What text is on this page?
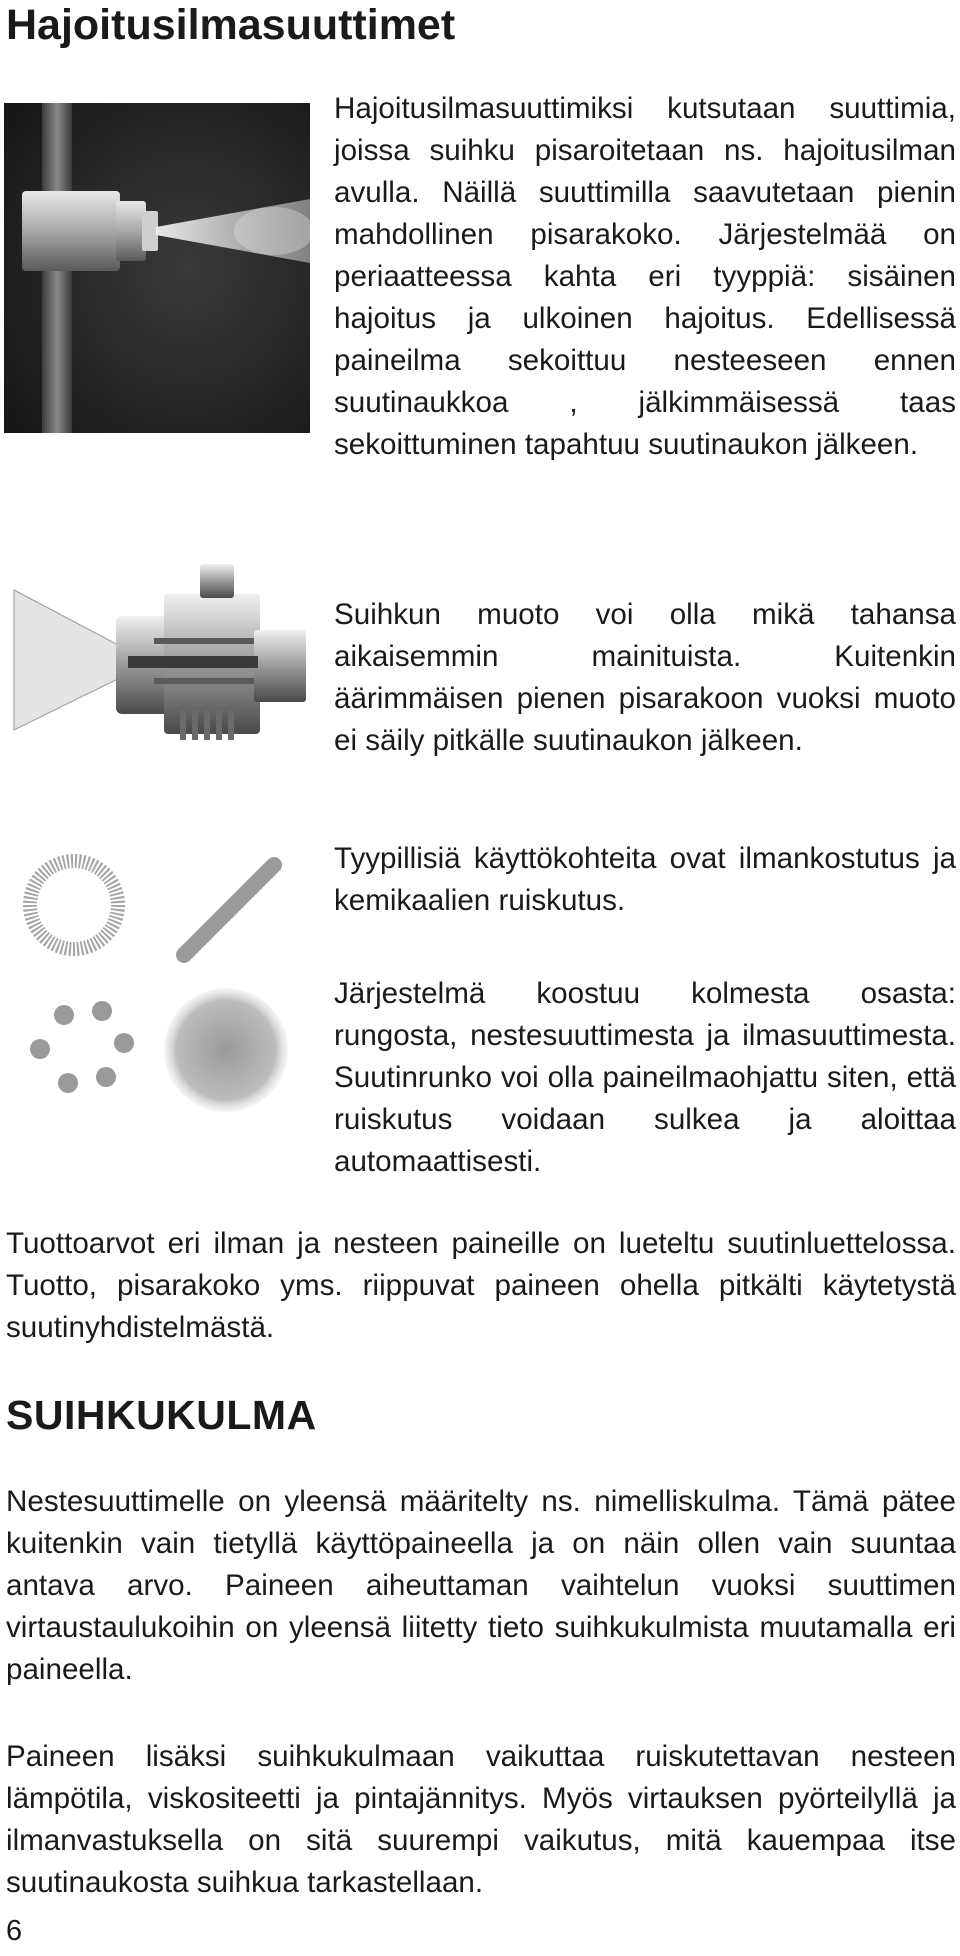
Hajoitusilmasuuttimet

Hajoitusilmasuuttimiksi kutsutaan suuttimia, joissa suihku pisaroitetaan ns. hajoitusilman avulla. Näillä suuttimilla saavutetaan pienin mahdollinen pisarakoko. Järjestelmää on periaatteessa kahta eri tyyppiä: sisäinen hajoitus ja ulkoinen hajoitus. Edellisessä paineilma sekoittuu nesteeseen ennen suutinaukkoa , jälkimmäisessä taas sekoittuminen tapahtuu suutinaukon jälkeen.

Suihkun muoto voi olla mikä tahansa aikaisemmin mainituista. Kuitenkin äärimmäisen pienen pisarakoon vuoksi muoto ei säily pitkälle suutinaukon jälkeen.

Tyypillisiä käyttökohteita ovat ilmankostutus ja kemikaalien ruiskutus.

Järjestelmä koostuu kolmesta osasta: rungosta, nestesuuttimesta ja ilmasuuttimesta. Suutinrunko voi olla paineilmaohjattu siten, että ruiskutus voidaan sulkea ja aloittaa automaattisesti.

Tuottoarvot eri ilman ja nesteen paineille on lueteltu suutinluettelossa. Tuotto, pisarakoko yms. riippuvat paineen ohella pitkälti käytetystä suutinyhdistelmästä.

SUIHKUKULMA

Nestesuuttimelle on yleensä määritelty ns. nimelliskulma. Tämä pätee kuitenkin vain tietyllä käyttöpaineella ja on näin ollen vain suuntaa antava arvo. Paineen aiheuttaman vaihtelun vuoksi suuttimen virtaustaulukoihin on yleensä liitetty tieto suihkukulmista muutamalla eri paineella.

Paineen lisäksi suihkukulmaan vaikuttaa ruiskutettavan nesteen lämpötila, viskositeetti ja pintajännitys. Myös virtauksen pyörteilyllä ja ilmanvastuksella on sitä suurempi vaikutus, mitä kauempaa itse suutinaukosta suihkua tarkastellaan.

6
